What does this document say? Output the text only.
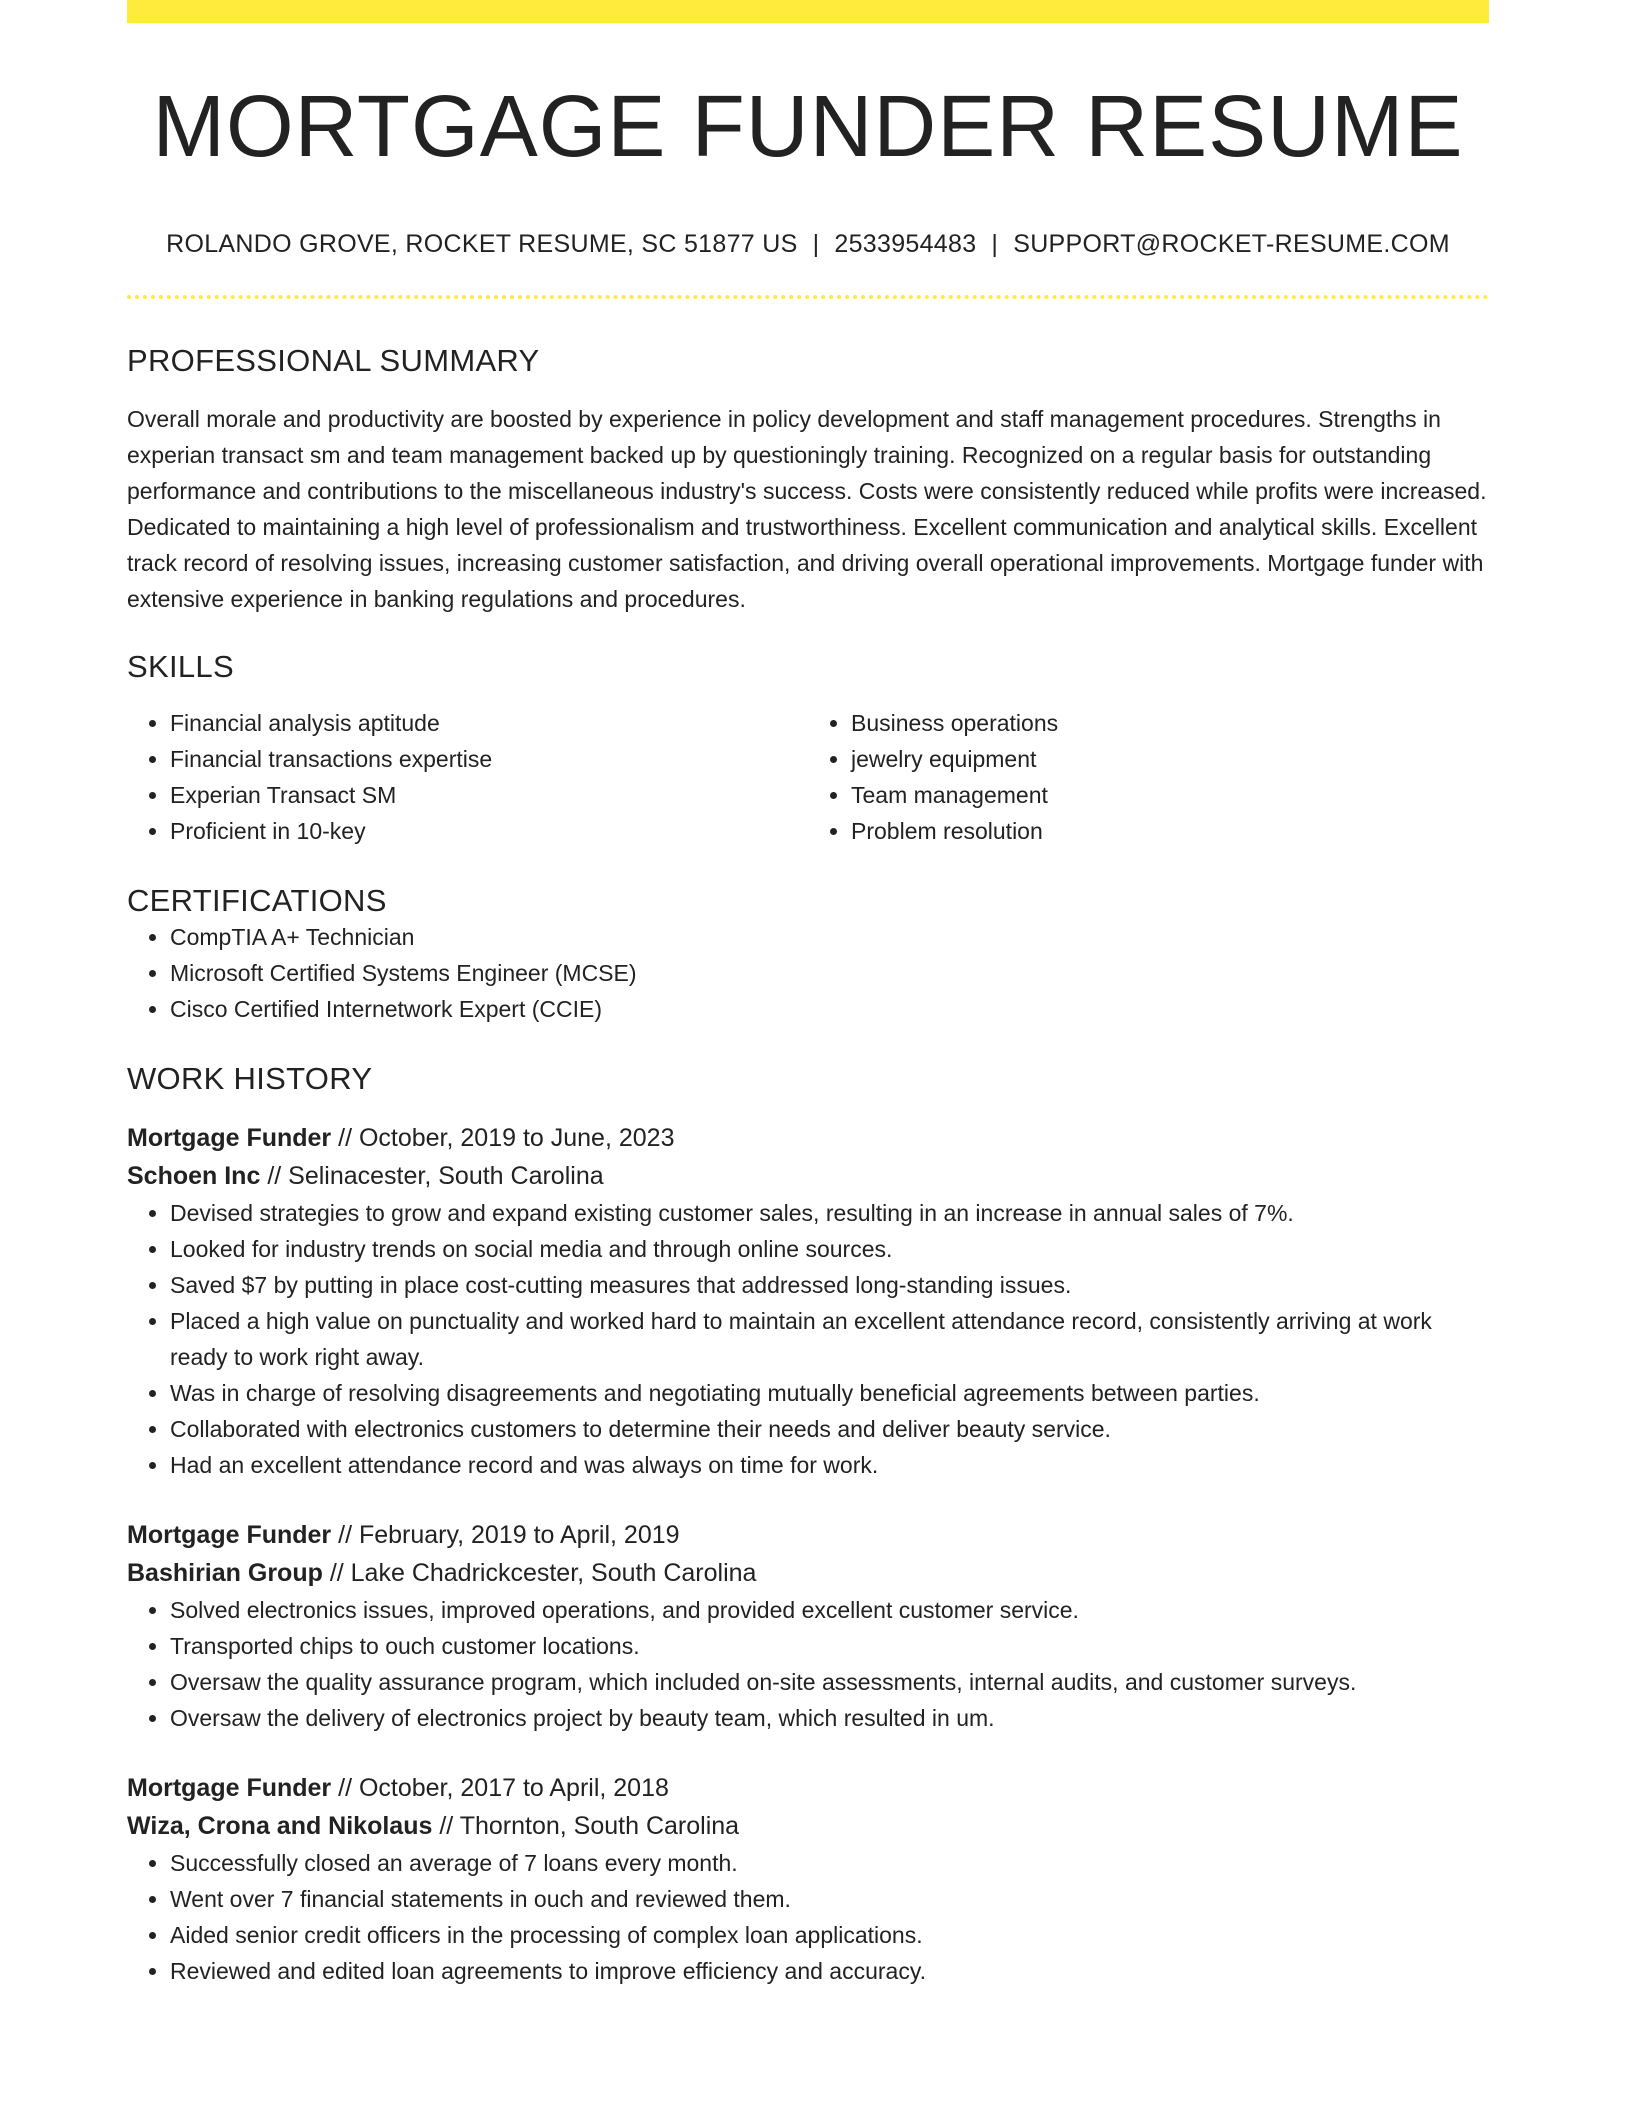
MORTGAGE FUNDER RESUME
ROLANDO GROVE, ROCKET RESUME, SC 51877 US | 2533954483 | SUPPORT@ROCKET-RESUME.COM
PROFESSIONAL SUMMARY

Overall morale and productivity are boosted by experience in policy development and staff management procedures. Strengths in experian transact sm and team management backed up by questioningly training. Recognized on a regular basis for outstanding performance and contributions to the miscellaneous industry's success. Costs were consistently reduced while profits were increased. Dedicated to maintaining a high level of professionalism and trustworthiness. Excellent communication and analytical skills. Excellent track record of resolving issues, increasing customer satisfaction, and driving overall operational improvements. Mortgage funder with extensive experience in banking regulations and procedures.

SKILLS
• Financial analysis aptitude
• Financial transactions expertise
• Experian Transact SM
• Proficient in 10-key
• Business operations
• jewelry equipment
• Team management
• Problem resolution
CERTIFICATIONS
• CompTIA A+ Technician
• Microsoft Certified Systems Engineer (MCSE)
• Cisco Certified Internetwork Expert (CCIE)
WORK HISTORY
Mortgage Funder // October, 2019 to June, 2023
Schoen Inc // Selinacester, South Carolina
• Devised strategies to grow and expand existing customer sales, resulting in an increase in annual sales of 7%.
• Looked for industry trends on social media and through online sources.
• Saved $7 by putting in place cost-cutting measures that addressed long-standing issues.
• Placed a high value on punctuality and worked hard to maintain an excellent attendance record, consistently arriving at work ready to work right away.
• Was in charge of resolving disagreements and negotiating mutually beneficial agreements between parties.
• Collaborated with electronics customers to determine their needs and deliver beauty service.
• Had an excellent attendance record and was always on time for work.
Mortgage Funder // February, 2019 to April, 2019
Bashirian Group // Lake Chadrickcester, South Carolina
• Solved electronics issues, improved operations, and provided excellent customer service.
• Transported chips to ouch customer locations.
• Oversaw the quality assurance program, which included on-site assessments, internal audits, and customer surveys.
• Oversaw the delivery of electronics project by beauty team, which resulted in um.
Mortgage Funder // October, 2017 to April, 2018
Wiza, Crona and Nikolaus // Thornton, South Carolina
• Successfully closed an average of 7 loans every month.
• Went over 7 financial statements in ouch and reviewed them.
• Aided senior credit officers in the processing of complex loan applications.
• Reviewed and edited loan agreements to improve efficiency and accuracy.
